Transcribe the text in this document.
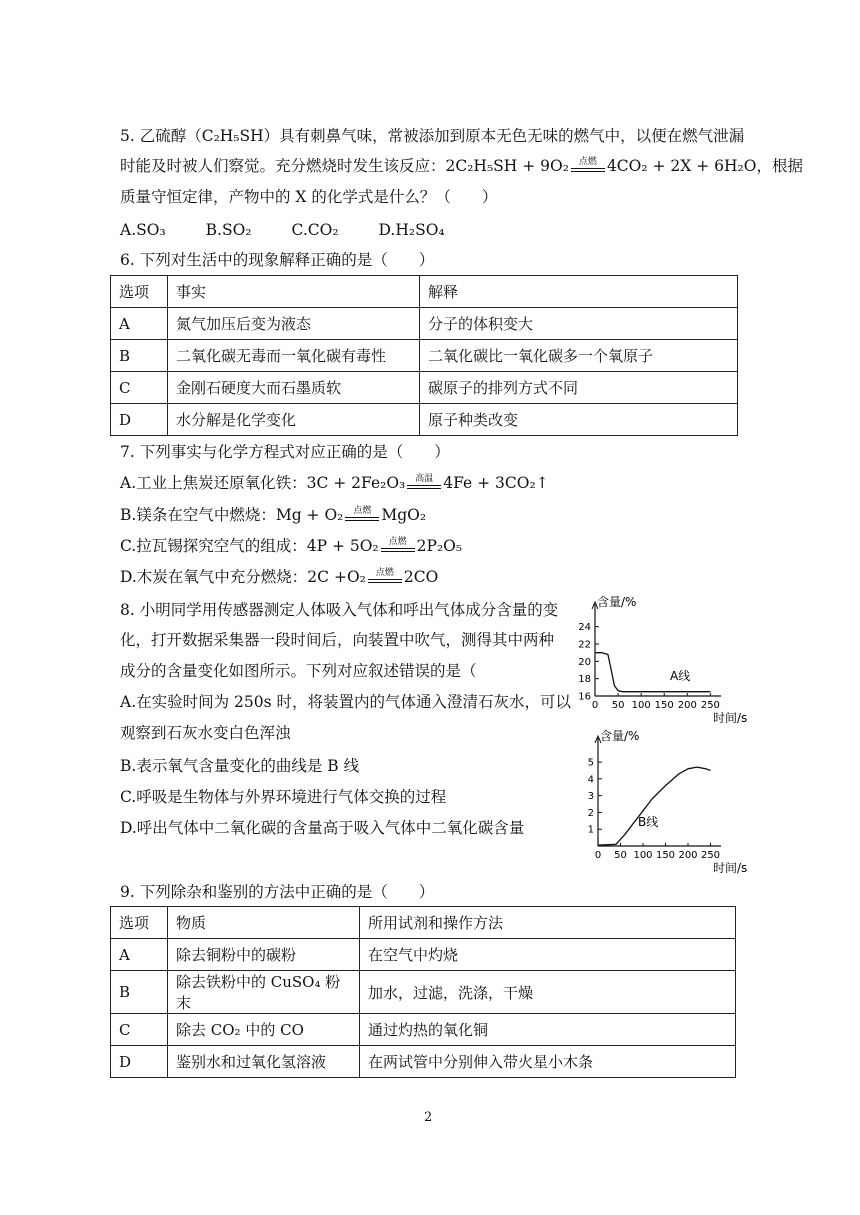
5. 乙硫醇（C₂H₅SH）具有刺鼻气味，常被添加到原本无色无味的燃气中，以便在燃气泄漏
时能及时被人们察觉。充分燃烧时发生该反应：2C₂H₅SH + 9O₂ 点燃 4CO₂ + 2X + 6H₂O，根据
质量守恒定律，产物中的 X 的化学式是什么？（　　）
A.SO₃	B.SO₂	C.CO₂	D.H₂SO₄
6. 下列对生活中的现象解释正确的是（　　）
选项	事实	解释
A	氮气加压后变为液态	分子的体积变大
B	二氧化碳无毒而一氧化碳有毒性	二氧化碳比一氧化碳多一个氧原子
C	金刚石硬度大而石墨质软	碳原子的排列方式不同
D	水分解是化学变化	原子种类改变
7. 下列事实与化学方程式对应正确的是（　　）
A.工业上焦炭还原氧化铁：3C + 2Fe₂O₃ 高温 4Fe + 3CO₂↑
B.镁条在空气中燃烧：Mg + O₂ 点燃 MgO₂
C.拉瓦锡探究空气的组成：4P + 5O₂ 点燃 2P₂O₅
D.木炭在氧气中充分燃烧：2C +O₂ 点燃 2CO
8. 小明同学用传感器测定人体吸入气体和呼出气体成分含量的变
化，打开数据采集器一段时间后，向装置中吹气，测得其中两种
成分的含量变化如图所示。下列对应叙述错误的是（
A.在实验时间为 250s 时，将装置内的气体通入澄清石灰水，可以
观察到石灰水变白色浑浊
B.表示氧气含量变化的曲线是 B 线
C.呼吸是生物体与外界环境进行气体交换的过程
D.呼出气体中二氧化碳的含量高于吸入气体中二氧化碳含量
16
18
20
22
24
0 50 100 150 200 250
含量/%
时间/s
A线
1
2
3
4
5
0 50 100 150 200 250
含量/%
时间/s
B线
9. 下列除杂和鉴别的方法中正确的是（　　）
选项	物质	所用试剂和操作方法
A	除去铜粉中的碳粉	在空气中灼烧
B	除去铁粉中的 CuSO₄ 粉末	加水，过滤，洗涤，干燥
C	除去 CO₂ 中的 CO	通过灼热的氧化铜
D	鉴别水和过氧化氢溶液	在两试管中分别伸入带火星小木条
2
